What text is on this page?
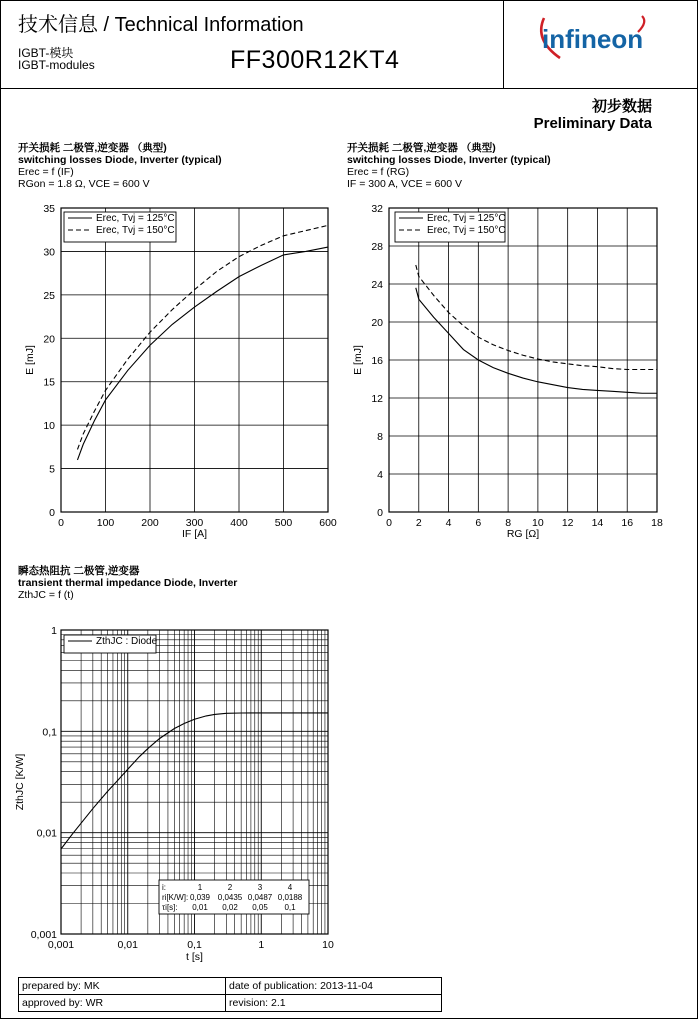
技术信息 / Technical Information
IGBT-模块
IGBT-modules	FF300R12KT4
infineon
初步数据
Preliminary Data
开关损耗 二极管,逆变器 （典型)
switching losses Diode, Inverter (typical)
Erec = f (IF)
RGon = 1.8 Ω, VCE = 600 V
开关损耗 二极管,逆变器 （典型)
switching losses Diode, Inverter (typical)
Erec = f (RG)
IF = 300 A, VCE = 600 V
瞬态热阻抗 二极管,逆变器
transient thermal impedance Diode, Inverter
ZthJC = f (t)
0	100	200	300	400	500	600
0
5
10
15
20
25
30
35
IF [A]
E [mJ]
Erec, Tvj = 125°C
Erec, Tvj = 150°C
0 2 4 6 8 10 12 14 16 18
0
4
8
12
16
20
24
28
32
RG [Ω]
E [mJ]
Erec, Tvj = 125°C
Erec, Tvj = 150°C
0,001	0,01	0,1	1	10
0,001
0,01
0,1
1
t [s]
ZthJC [K/W]
ZthJC : Diode
i:	1	2	3	4
ri[K/W]: 0,039 0,0435 0,0487 0,0188
τi[s]: 0,01 0,02 0,05 0,1
prepared by: MK	date of publication: 2013-11-04
approved by: WR	revision: 2.1
